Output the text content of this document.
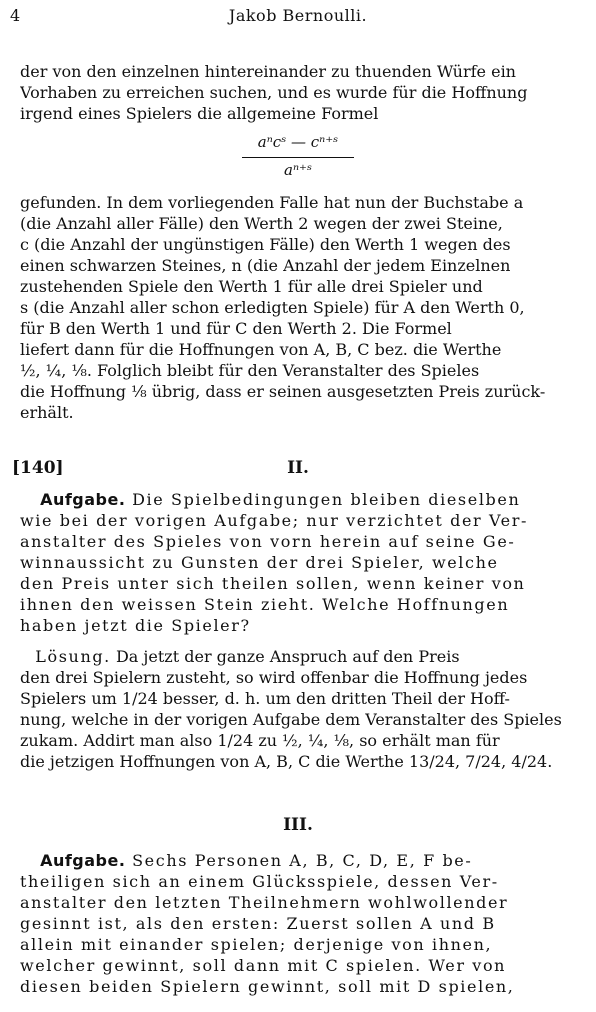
4	Jakob Bernoulli.
der von den einzelnen hintereinander zu thuenden Würfe ein
Vorhaben zu erreichen suchen, und es wurde für die Hoffnung
irgend eines Spielers die allgemeine Formel
aⁿcˢ — cⁿ⁺ˢ
aⁿ⁺ˢ
gefunden. In dem vorliegenden Falle hat nun der Buchstabe a
(die Anzahl aller Fälle) den Werth 2 wegen der zwei Steine,
c (die Anzahl der ungünstigen Fälle) den Werth 1 wegen des
einen schwarzen Steines, n (die Anzahl der jedem Einzelnen
zustehenden Spiele den Werth 1 für alle drei Spieler und
s (die Anzahl aller schon erledigten Spiele) für A den Werth 0,
für B den Werth 1 und für C den Werth 2. Die Formel
liefert dann für die Hoffnungen von A, B, C bez. die Werthe
½, ¼, ⅛. Folglich bleibt für den Veranstalter des Spieles
die Hoffnung ⅛ übrig, dass er seinen ausgesetzten Preis zurück-
erhält.
[140]	II.
Aufgabe. Die Spielbedingungen bleiben dieselben
wie bei der vorigen Aufgabe; nur verzichtet der Ver-
anstalter des Spieles von vorn herein auf seine Ge-
winnaussicht zu Gunsten der drei Spieler, welche
den Preis unter sich theilen sollen, wenn keiner von
ihnen den weissen Stein zieht. Welche Hoffnungen
haben jetzt die Spieler?
Lösung. Da jetzt der ganze Anspruch auf den Preis
den drei Spielern zusteht, so wird offenbar die Hoffnung jedes
Spielers um 1/24 besser, d. h. um den dritten Theil der Hoff-
nung, welche in der vorigen Aufgabe dem Veranstalter des Spieles
zukam. Addirt man also 1/24 zu ½, ¼, ⅛, so erhält man für
die jetzigen Hoffnungen von A, B, C die Werthe 13/24, 7/24, 4/24.
III.
Aufgabe. Sechs Personen A, B, C, D, E, F be-
theiligen sich an einem Glücksspiele, dessen Ver-
anstalter den letzten Theilnehmern wohlwollender
gesinnt ist, als den ersten: Zuerst sollen A und B
allein mit einander spielen; derjenige von ihnen,
welcher gewinnt, soll dann mit C spielen. Wer von
diesen beiden Spielern gewinnt, soll mit D spielen,
